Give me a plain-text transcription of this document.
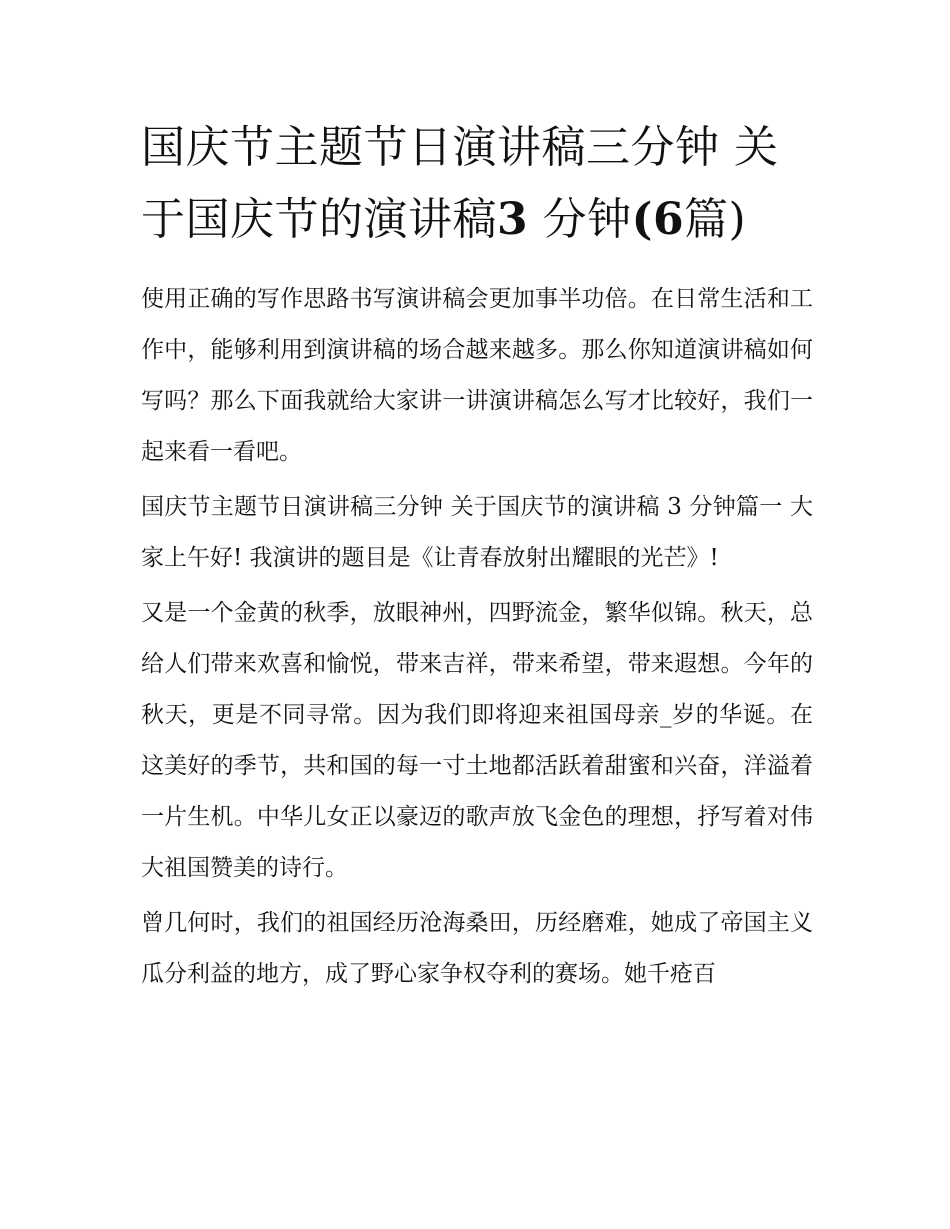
国庆节主题节日演讲稿三分钟 关于国庆节的演讲稿3 分钟(6篇)

使用正确的写作思路书写演讲稿会更加事半功倍。在日常生活和工作中，能够利用到演讲稿的场合越来越多。那么你知道演讲稿如何写吗？那么下面我就给大家讲一讲演讲稿怎么写才比较好，我们一起来看一看吧。

国庆节主题节日演讲稿三分钟 关于国庆节的演讲稿 3 分钟篇一 大家上午好! 我演讲的题目是《让青春放射出耀眼的光芒》!

又是一个金黄的秋季，放眼神州，四野流金，繁华似锦。秋天，总给人们带来欢喜和愉悦，带来吉祥，带来希望，带来遐想。今年的秋天，更是不同寻常。因为我们即将迎来祖国母亲_岁的华诞。在这美好的季节，共和国的每一寸土地都活跃着甜蜜和兴奋，洋溢着一片生机。中华儿女正以豪迈的歌声放飞金色的理想，抒写着对伟大祖国赞美的诗行。

曾几何时，我们的祖国经历沧海桑田，历经磨难，她成了帝国主义瓜分利益的地方，成了野心家争权夺利的赛场。她千疮百
